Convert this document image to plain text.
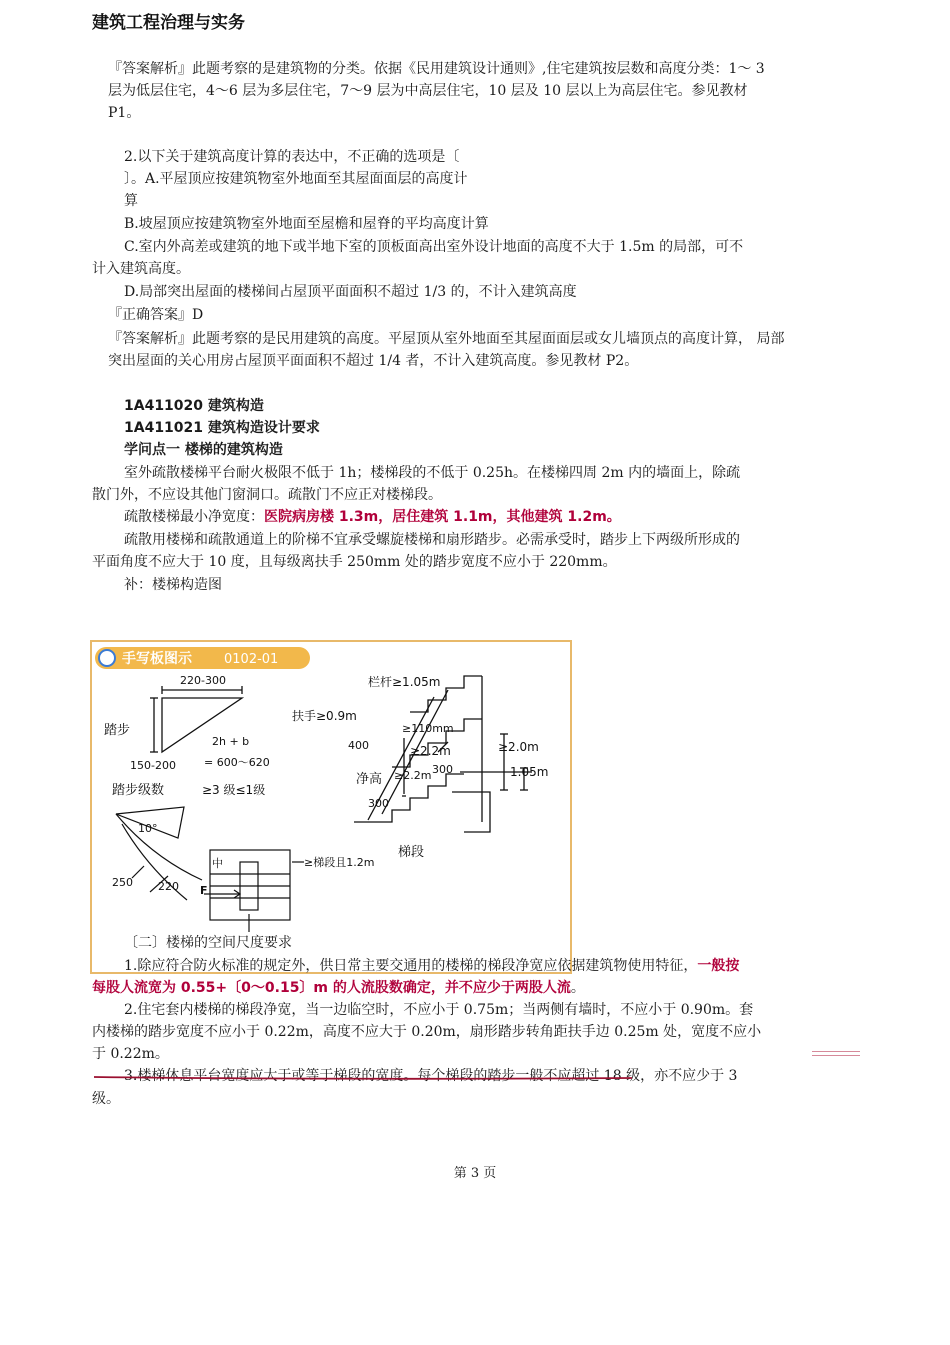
建筑工程治理与实务
『答案解析』此题考察的是建筑物的分类。依据《民用建筑设计通则》,住宅建筑按层数和高度分类：1～ 3
层为低层住宅，4～6 层为多层住宅，7～9 层为中高层住宅，10 层及 10 层以上为高层住宅。参见教材
P1。
2.以下关于建筑高度计算的表达中，不正确的选项是〔
〕。A.平屋顶应按建筑物室外地面至其屋面面层的高度计
算
B.坡屋顶应按建筑物室外地面至屋檐和屋脊的平均高度计算
C.室内外高差或建筑的地下或半地下室的顶板面高出室外设计地面的高度不大于 1.5m 的局部，可不
计入建筑高度。
D.局部突出屋面的楼梯间占屋顶平面面积不超过 1/3 的，不计入建筑高度
『正确答案』D
『答案解析』此题考察的是民用建筑的高度。平屋顶从室外地面至其屋面面层或女儿墙顶点的高度计算， 局部
突出屋面的关心用房占屋顶平面面积不超过 1/4 者，不计入建筑高度。参见教材 P2。
1A411020 建筑构造
1A411021 建筑构造设计要求
学问点一 楼梯的建筑构造
室外疏散楼梯平台耐火极限不低于 1h；楼梯段的不低于 0.25h。在楼梯四周 2m 内的墙面上，除疏
散门外，不应设其他门窗洞口。疏散门不应正对楼梯段。
疏散楼梯最小净宽度：医院病房楼 1.3m，居住建筑 1.1m，其他建筑 1.2m。
疏散用楼梯和疏散通道上的阶梯不宜承受螺旋楼梯和扇形踏步。必需承受时，踏步上下两级所形成的
平面角度不应大于 10 度，且每级离扶手 250mm 处的踏步宽度不应小于 220mm。
补：楼梯构造图
手写板图示 0102-01
220-300
踏步
150-200
2h + b
= 600～620
踏步级数	≥3 级≤1级
10°
250 220
中	≥梯段且1.2m
F
栏杆≥1.05m
扶手≥0.9m
≥110mm
400	≥2.2m	≥2.0m
净高 ≥2.2m 300	1.05m
300
梯段
〔二〕楼梯的空间尺度要求
1.除应符合防火标准的规定外，供日常主要交通用的楼梯的梯段净宽应依据建筑物使用特征，一般按
每股人流宽为 0.55+〔0～0.15〕m 的人流股数确定，并不应少于两股人流。
2.住宅套内楼梯的梯段净宽，当一边临空时，不应小于 0.75m；当两侧有墙时，不应小于 0.90m。套
内楼梯的踏步宽度不应小于 0.22m，高度不应大于 0.20m，扇形踏步转角距扶手边 0.25m 处，宽度不应小
于 0.22m。
3.楼梯休息平台宽度应大于或等于梯段的宽度。每个梯段的踏步一般不应超过 18 级，亦不应少于 3
级。
第 3 页
